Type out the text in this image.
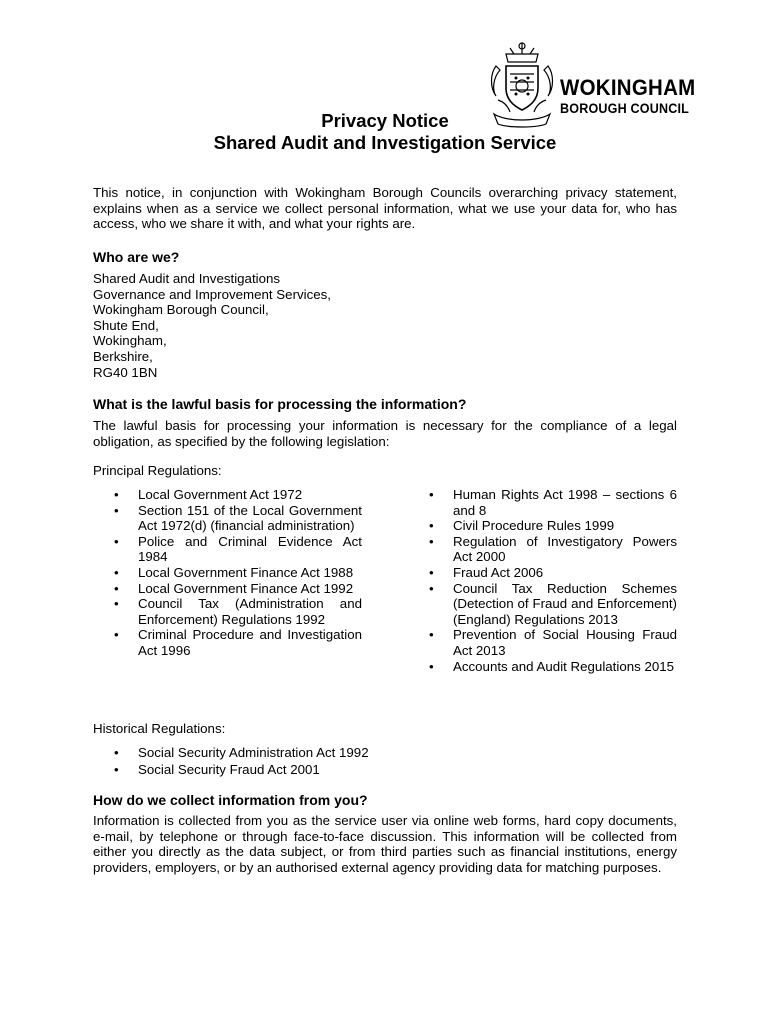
WOKINGHAM
BOROUGH COUNCIL
Privacy Notice
Shared Audit and Investigation Service
This notice, in conjunction with Wokingham Borough Councils overarching privacy statement, explains when as a service we collect personal information, what we use your data for, who has access, who we share it with, and what your rights are.
Who are we?
Shared Audit and Investigations
Governance and Improvement Services,
Wokingham Borough Council,
Shute End,
Wokingham,
Berkshire,
RG40 1BN
What is the lawful basis for processing the information?

The lawful basis for processing your information is necessary for the compliance of a legal obligation, as specified by the following legislation:

Principal Regulations:

• Local Government Act 1972
• Section 151 of the Local Government Act 1972(d) (financial administration)
• Police and Criminal Evidence Act 1984
• Local Government Finance Act 1988
• Local Government Finance Act 1992
• Council Tax (Administration and Enforcement) Regulations 1992
• Criminal Procedure and Investigation Act 1996
• Human Rights Act 1998 – sections 6 and 8
• Civil Procedure Rules 1999
• Regulation of Investigatory Powers Act 2000
• Fraud Act 2006
• Council Tax Reduction Schemes (Detection of Fraud and Enforcement) (England) Regulations 2013
• Prevention of Social Housing Fraud Act 2013
• Accounts and Audit Regulations 2015

Historical Regulations:

• Social Security Administration Act 1992
• Social Security Fraud Act 2001
How do we collect information from you?

Information is collected from you as the service user via online web forms, hard copy documents, e-mail, by telephone or through face-to-face discussion. This information will be collected from either you directly as the data subject, or from third parties such as financial institutions, energy providers, employers, or by an authorised external agency providing data for matching purposes.
